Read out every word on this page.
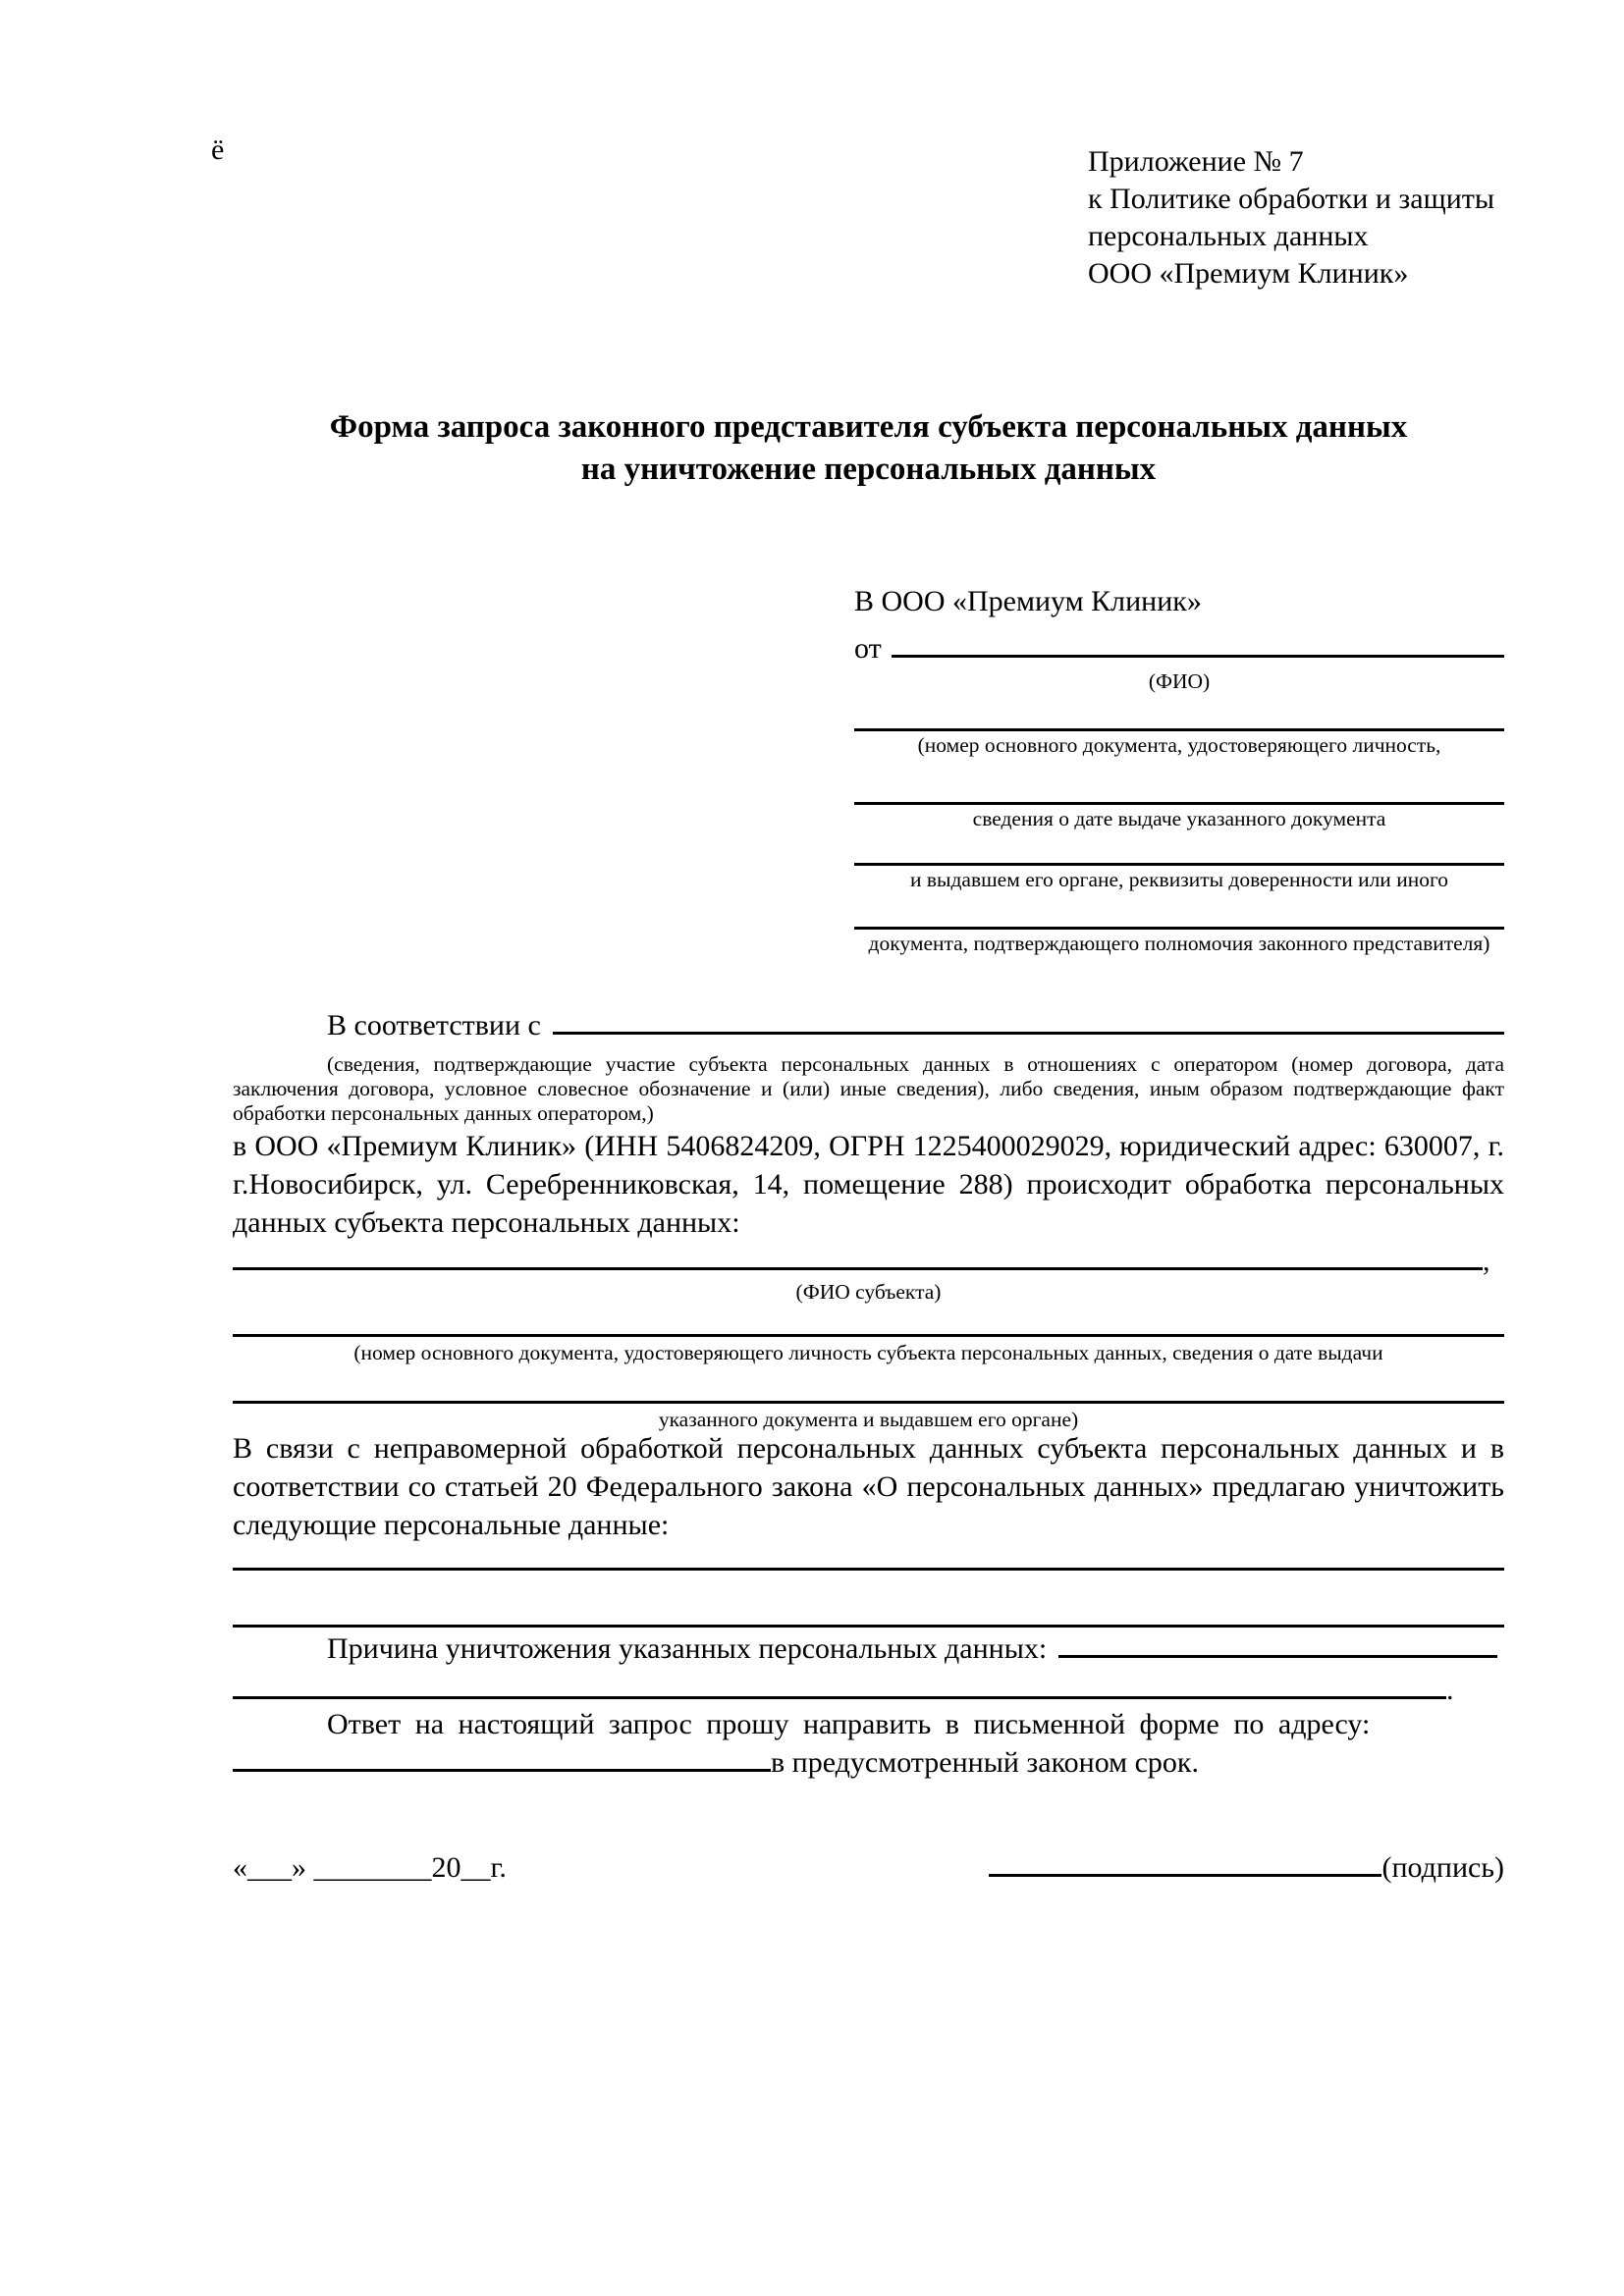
ё	Приложение № 7
к Политике обработки и защиты
персональных данных
ООО «Премиум Клиник»
Форма запроса законного представителя субъекта персональных данных
на уничтожение персональных данных
В ООО «Премиум Клиник»
от
(ФИО)
(номер основного документа, удостоверяющего личность,
сведения о дате выдаче указанного документа
и выдавшем его органе, реквизиты доверенности или иного
документа, подтверждающего полномочия законного представителя)
В соответствии с
(сведения, подтверждающие участие субъекта персональных данных в отношениях с оператором (номер договора, дата заключения договора, условное словесное обозначение и (или) иные сведения), либо сведения, иным образом подтверждающие факт обработки персональных данных оператором,)
в ООО «Премиум Клиник» (ИНН 5406824209, ОГРН 1225400029029, юридический адрес: 630007, г. г.Новосибирск, ул. Серебренниковская, 14, помещение 288) происходит обработка персональных данных субъекта персональных данных:
,
(ФИО субъекта)
(номер основного документа, удостоверяющего личность субъекта персональных данных, сведения о дате выдачи
указанного документа и выдавшем его органе)
В связи с неправомерной обработкой персональных данных субъекта персональных данных и в соответствии со статьей 20 Федерального закона «О персональных данных» предлагаю уничтожить следующие персональные данные:
Причина уничтожения указанных персональных данных:
.
Ответ на настоящий запрос прошу направить в письменной форме по адресу:
в предусмотренный законом срок.
«___» ________20__г.	(подпись)
